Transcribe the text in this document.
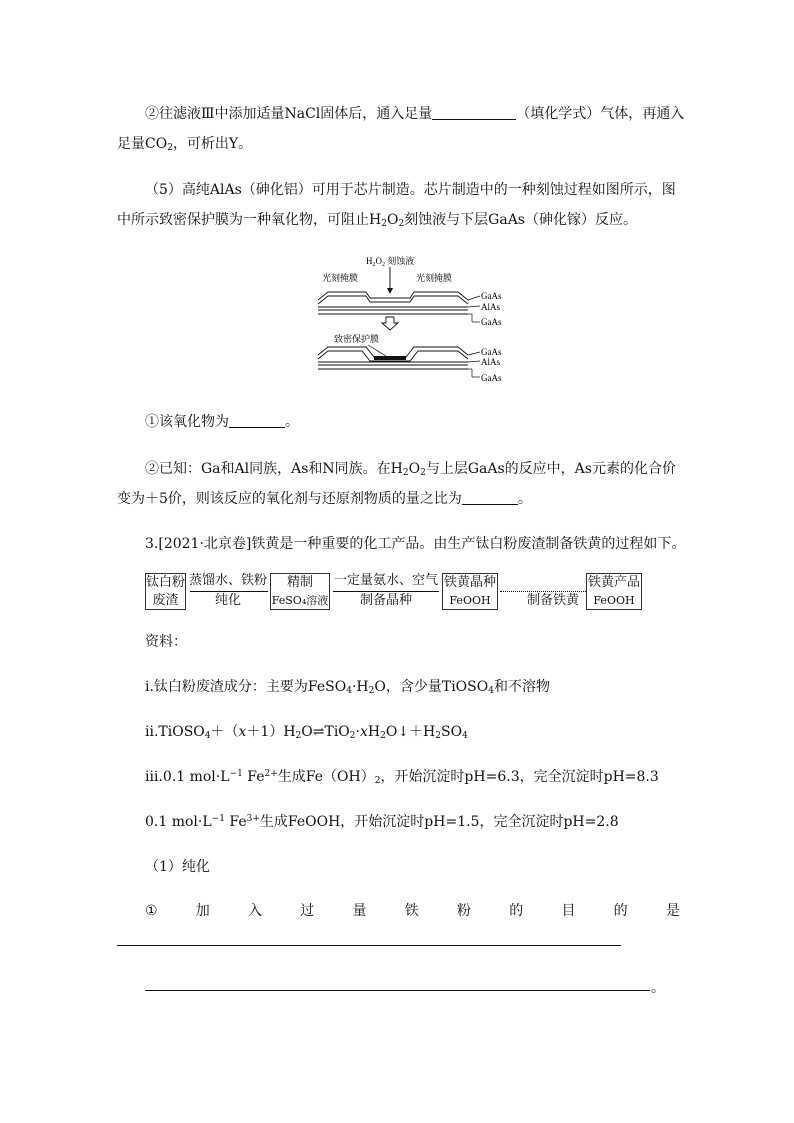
②往滤液Ⅲ中添加适量NaCl固体后，通入足量	（填化学式）气体，再通入
足量$CO_2$，可析出Y。
（5）高纯AlAs（砷化铝）可用于芯片制造。芯片制造中的一种刻蚀过程如图所示，图
中所示致密保护膜为一种氧化物，可阻止$H_2O_2$刻蚀液与下层GaAs（砷化镓）反应。
$H_2O_2$ 刻蚀液
光刻掩膜	光刻掩膜
GaAs
AlAs
GaAs
致密保护膜
GaAs
AlAs
GaAs
①该氧化物为	。
②已知：Ga和Al同族，As和N同族。在$H_2O_2$与上层GaAs的反应中，As元素的化合价
变为＋5价，则该反应的氧化剂与还原剂物质的量之比为	。
3.[2021·北京卷]铁黄是一种重要的化工产品。由生产钛白粉废渣制备铁黄的过程如下。
钛白粉
废渣
蒸馏水、铁粉
纯化
精制
FeSO₄溶液
一定量氨水、空气
制备晶种
铁黄晶种
FeOOH	制备铁黄
铁黄产品
FeOOH
资料：
ⅰ.钛白粉废渣成分：主要为$FeSO_4\cdot H_2O$，含少量TiOSO$_4$和不溶物
$ⅱ.TiOSO_4+(x+1)H_2O\rightleftharpoons TiO_2\cdot xH_2O↓+H_2SO_4$
ⅲ.0.1 $mol\cdot L^{-1}$ $Fe^{2+}$生成$Fe(OH)_2$，开始沉淀时pH=6.3，完全沉淀时pH=8.3
0.1 $mol\cdot L^{-1}$ $Fe^{3+}$生成FeOOH，开始沉淀时pH=1.5，完全沉淀时pH=2.8
（1）纯化
①	加	入	过	量	铁	粉	的	目	的	是
。
